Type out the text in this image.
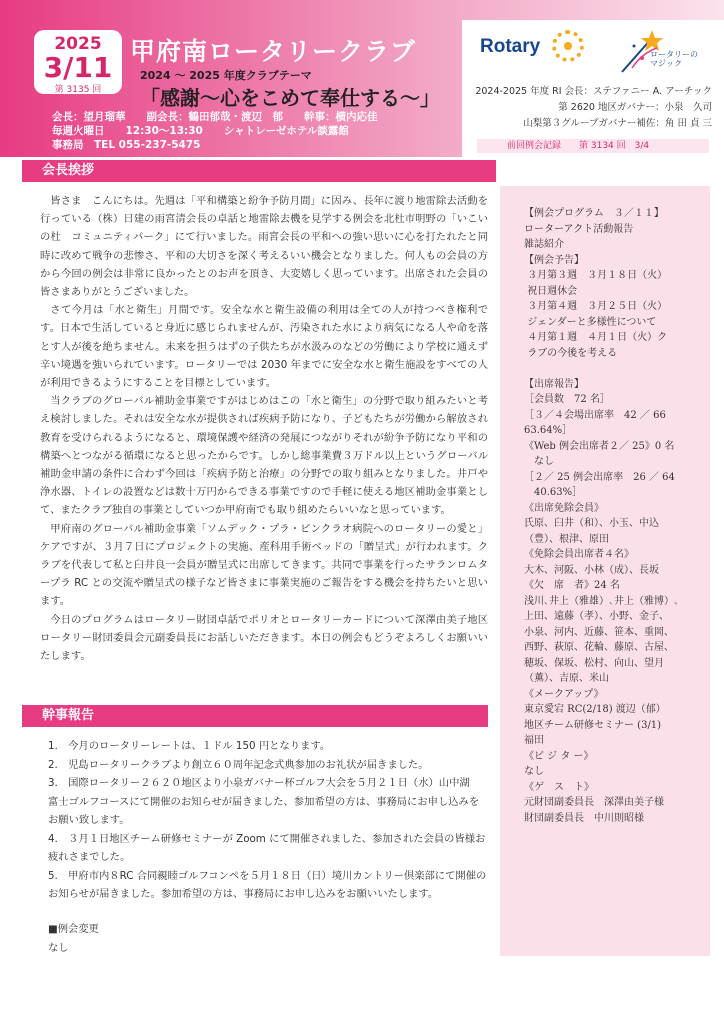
2025
3/11
第 3135 回
甲府南ロータリークラブ
2024 ～ 2025 年度クラブテーマ
「感謝～心をこめて奉仕する～」
会長：望月瑠華　　副会長：鶴田郁哉・渡辺　郁　　幹事：横内応佳
毎週火曜日　　12:30～13:30　　シャトレーゼホテル談露館
事務局　TEL 055-237-5475
Rotary	ロータリーの
マジック
2024-2025 年度 RI 会長：ステファニー A. アーチック
第 2620 地区ガバナー：小泉　久司
山梨第３グループガバナー補佐：角 田 貞 三
前回例会記録　　第 3134 回　3/4
会長挨拶

皆さま　こんにちは。先週は「平和構築と紛争予防月間」に因み、長年に渡り地雷除去活動を行っている（株）日建の雨宮清会長の卓話と地雷除去機を見学する例会を北杜市明野の「いこいの杜　コミュニティパーク」にて行いました。雨宮会長の平和への強い思いに心を打たれたと同時に改めて戦争の悲惨さ、平和の大切さを深く考えるいい機会となりました。何人もの会員の方から今回の例会は非常に良かったとのお声を頂き、大変嬉しく思っています。出席された会員の皆さまありがとうございました。

さて今月は「水と衛生」月間です。安全な水と衛生設備の利用は全ての人が持つべき権利です。日本で生活していると身近に感じられませんが、汚染された水により病気になる人や命を落とす人が後を絶ちません。未来を担うはずの子供たちが水汲みのなどの労働により学校に通えず辛い境遇を強いられています。ロータリーでは 2030 年までに安全な水と衛生施設をすべての人が利用できるようにすることを目標としています。

当クラブのグローバル補助金事業ですがはじめはこの「水と衛生」の分野で取り組みたいと考え検討しました。それは安全な水が提供されば疾病予防になり、子どもたちが労働から解放され教育を受けられるようになると、環境保護や経済の発展につながりそれが紛争予防になり平和の構築へとつながる循環になると思ったからです。しかし総事業費３万ドル以上というグローバル補助金申請の条件に合わず今回は「疾病予防と治療」の分野での取り組みとなりました。井戸や浄水器、トイレの設置などは数十万円からできる事業ですので手軽に使える地区補助金事業として、またクラブ独自の事業としていつか甲府南でも取り組めたらいいなと思っています。

甲府南のグローバル補助金事業「ソムデック・プラ・ピンクラオ病院へのロータリーの愛と」ケアですが、３月７日にプロジェクトの実施、産科用手術ベッドの「贈呈式」が行われます。クラブを代表して私と臼井良一会員が贈呈式に出席してきます。共同で事業を行ったサランロムタープラ RC との交流や贈呈式の様子など皆さまに事業実施のご報告をする機会を持ちたいと思います。

今日のプログラムはロータリー財団卓話でポリオとロータリーカードについて深澤由美子地区ロータリー財団委員会元副委員長にお話しいただきます。本日の例会もどうぞよろしくお願いいたします。

【例会プログラム　３／１１】
ローターアクト活動報告
雑誌紹介
【例会予告】
３月第３週　３月１８日（火）
祝日週休会
３月第４週　３月２５日（火）
ジェンダーと多様性について
４月第１週　４月１日（火）ク
ラブの今後を考える
【出席報告】
［会員数　72 名］
［３／４会場出席率　42 ／ 66
63.64%］
《Web 例会出席者２／ 25》0 名
　なし
［２／ 25 例会出席率　26 ／ 64
　40.63%］
《出席免除会員》
氏原、臼井（和）、小玉、中込
（豊）、根津、原田
《免除会員出席者４名》
大木、河阪、小林（成）、長坂
《欠　席　者》24 名
浅川､井上（雅雄）､井上（雅博）､
上田、遠藤（孝）、小野、金子、
小泉、河内、近藤、笹本、重岡、
西野、萩原、花輪、藤原、古屋、
穂坂、保坂、松村、向山、望月
（薫）、吉原、米山
《メークアップ》
東京愛宕 RC(2/18) 渡辺（郁）
地区チーム研修セミナー (3/1)
福田
《ビ ジ タ ー》
なし
《ゲ　ス　ト》
元財団副委員長　深澤由美子様
財団副委員長　中川則昭様
幹事報告
1.　今月のロータリーレートは、１ドル 150 円となります。
2.　児島ロータリークラブより創立６０周年記念式典参加のお礼状が届きました。
3.　国際ロータリー２６２０地区より小泉ガバナー杯ゴルフ大会を５月２１日（水）山中湖　富士ゴルフコースにて開催のお知らせが届きました、参加希望の方は、事務局にお申し込みをお願い致します。
4.　３月１日地区チーム研修セミナーが Zoom にて開催されました、参加された会員の皆様お疲れさまでした。
5.　甲府市内８RC 合同親睦ゴルフコンペを５月１８日（日）境川カントリー倶楽部にて開催のお知らせが届きました。参加希望の方は、事務局にお申し込みをお願いいたします。
■例会変更
なし
